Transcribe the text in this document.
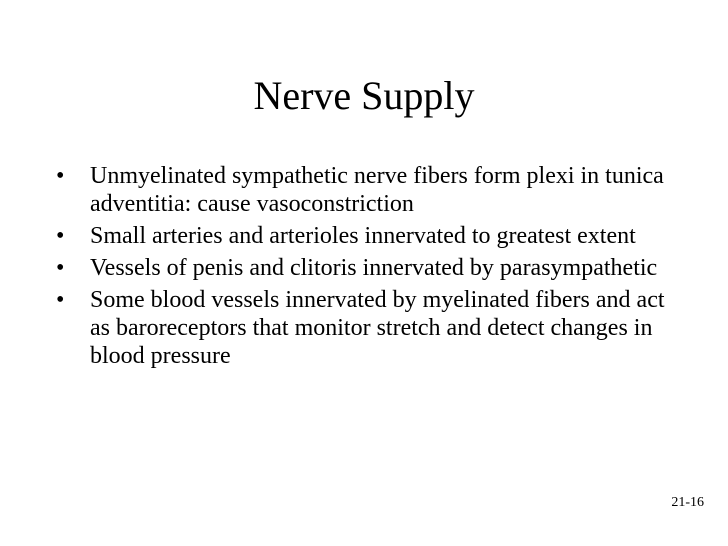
Nerve Supply
•	Unmyelinated sympathetic nerve fibers form plexi in tunica adventitia: cause vasoconstriction
•	Small arteries and arterioles innervated to greatest extent
•	Vessels of penis and clitoris innervated by parasympathetic
•	Some blood vessels innervated by myelinated fibers and act as baroreceptors that monitor stretch and detect changes in blood pressure
21-16
